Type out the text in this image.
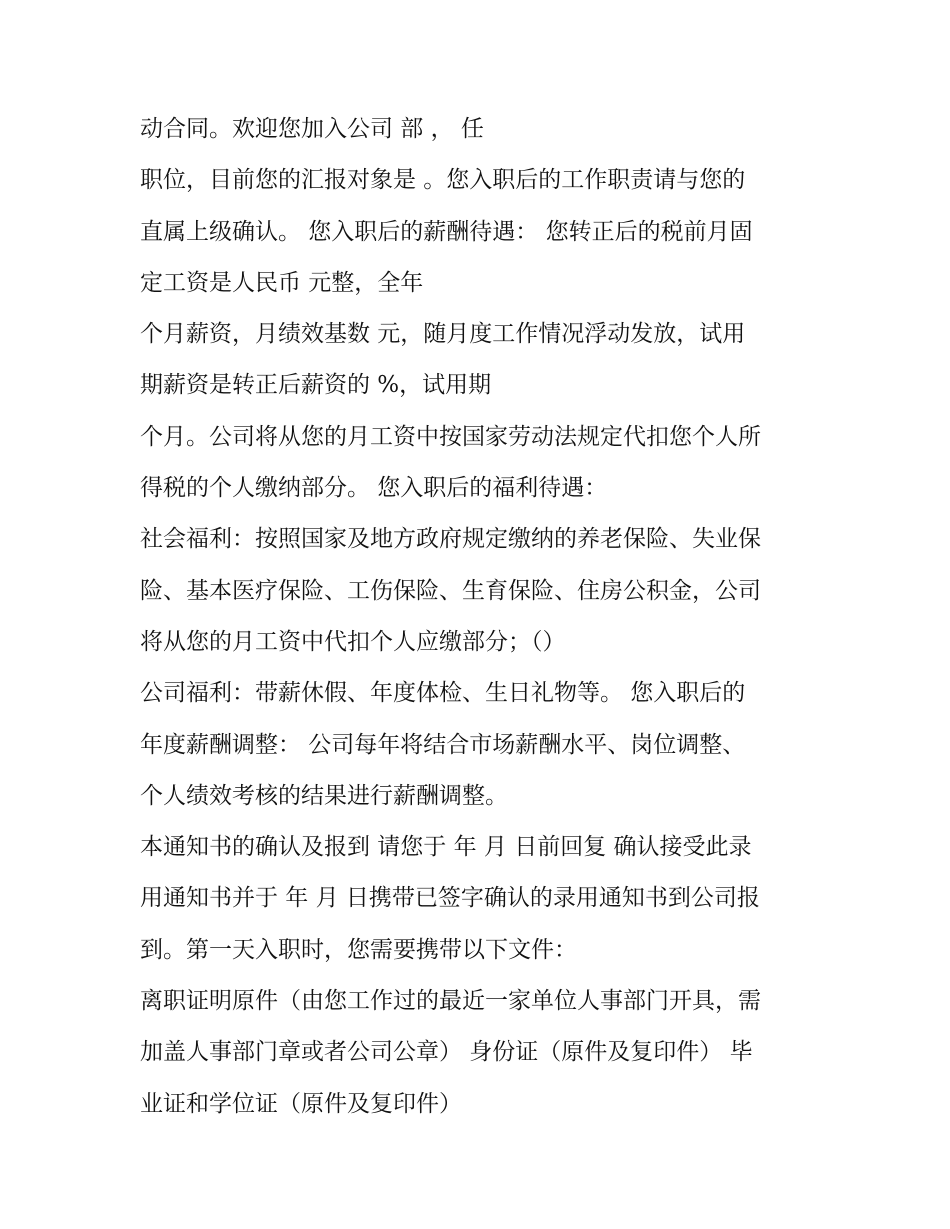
动合同。欢迎您加入公司 部 ， 任
职位，目前您的汇报对象是 。您入职后的工作职责请与您的
直属上级确认。 您入职后的薪酬待遇： 您转正后的税前月固
定工资是人民币 元整，全年
个月薪资，月绩效基数 元，随月度工作情况浮动发放，试用
期薪资是转正后薪资的 %，试用期
个月。公司将从您的月工资中按国家劳动法规定代扣您个人所
得税的个人缴纳部分。 您入职后的福利待遇：
社会福利：按照国家及地方政府规定缴纳的养老保险、失业保
险、基本医疗保险、工伤保险、生育保险、住房公积金，公司
将从您的月工资中代扣个人应缴部分；（）
公司福利：带薪休假、年度体检、生日礼物等。 您入职后的
年度薪酬调整： 公司每年将结合市场薪酬水平、岗位调整、
个人绩效考核的结果进行薪酬调整。
本通知书的确认及报到 请您于 年 月 日前回复 确认接受此录
用通知书并于 年 月 日携带已签字确认的录用通知书到公司报
到。第一天入职时，您需要携带以下文件：
离职证明原件（由您工作过的最近一家单位人事部门开具，需
加盖人事部门章或者公司公章） 身份证（原件及复印件） 毕
业证和学位证（原件及复印件）
